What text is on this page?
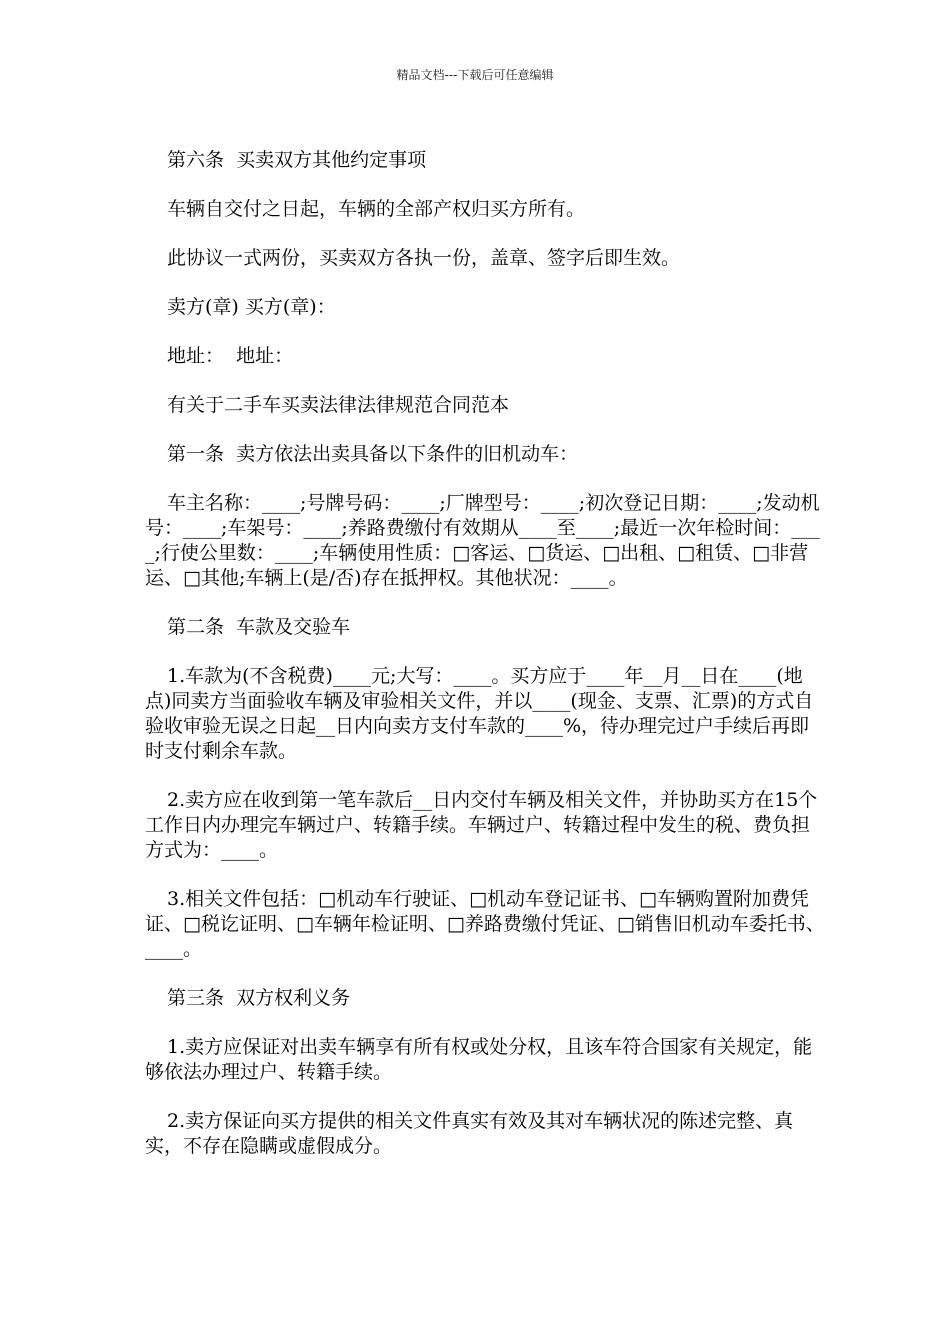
精品文档---下载后可任意编辑

第六条  买卖双方其他约定事项

车辆自交付之日起，车辆的全部产权归买方所有。

此协议一式两份，买卖双方各执一份，盖章、签字后即生效。

卖方(章) 买方(章)：

地址：  地址：

有关于二手车买卖法律法律规范合同范本

第一条  卖方依法出卖具备以下条件的旧机动车：

车主名称：____;号牌号码：____;厂牌型号：____;初次登记日期：____;发动机号：____;车架号：____;养路费缴付有效期从____至____;最近一次年检时间：____;行使公里数：____;车辆使用性质：□客运、□货运、□出租、□租赁、□非营运、□其他;车辆上(是/否)存在抵押权。其他状况：____。

第二条  车款及交验车

1.车款为(不含税费)____元;大写：____。买方应于____年__月__日在____(地点)同卖方当面验收车辆及审验相关文件，并以____(现金、支票、汇票)的方式自验收审验无误之日起__日内向卖方支付车款的____%，待办理完过户手续后再即时支付剩余车款。

2.卖方应在收到第一笔车款后__日内交付车辆及相关文件，并协助买方在15个工作日内办理完车辆过户、转籍手续。车辆过户、转籍过程中发生的税、费负担方式为：____。

3.相关文件包括：□机动车行驶证、□机动车登记证书、□车辆购置附加费凭证、□税讫证明、□车辆年检证明、□养路费缴付凭证、□销售旧机动车委托书、____。

第三条  双方权利义务

1.卖方应保证对出卖车辆享有所有权或处分权，且该车符合国家有关规定，能够依法办理过户、转籍手续。

2.卖方保证向买方提供的相关文件真实有效及其对车辆状况的陈述完整、真实，不存在隐瞒或虚假成分。
